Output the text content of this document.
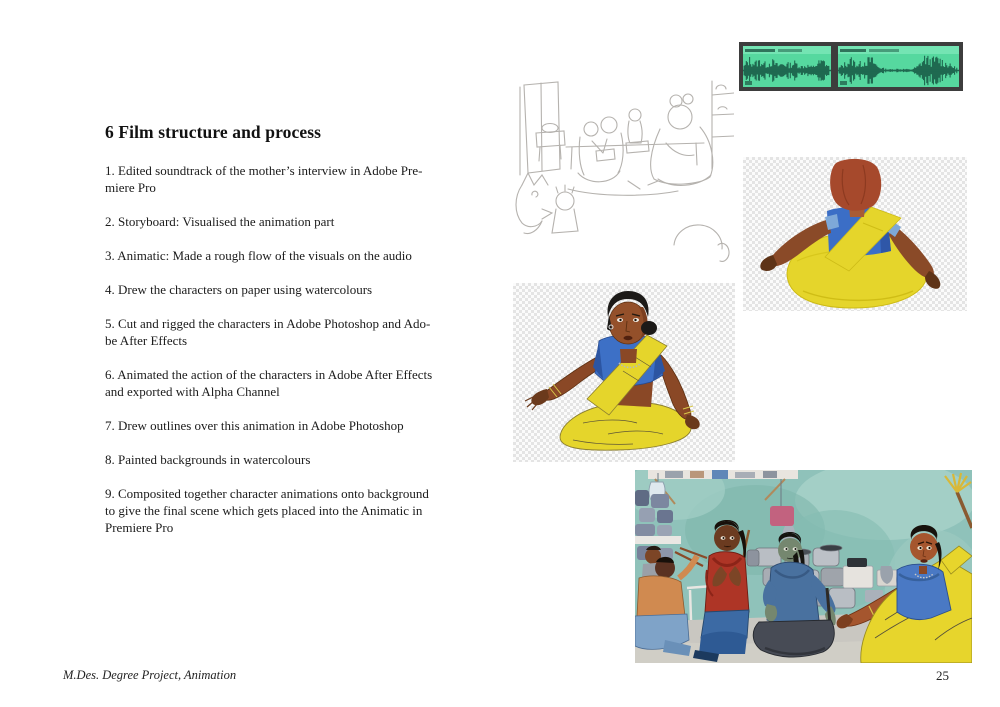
6 Film structure and process

1. Edited soundtrack of the mother’s interview in Adobe Pre-
miere Pro

2. Storyboard: Visualised the animation part

3. Animatic: Made a rough flow of the visuals on the audio

4. Drew the characters on paper using watercolours

5. Cut and rigged the characters in Adobe Photoshop and Ado-
be After Effects

6. Animated the action of the characters in Adobe After Effects
and exported with Alpha Channel

7. Drew outlines over this animation in Adobe Photoshop

8. Painted backgrounds in watercolours

9. Composited together character animations onto background
to give the final scene which gets placed into the Animatic in
Premiere Pro

M.Des. Degree Project, Animation	25
